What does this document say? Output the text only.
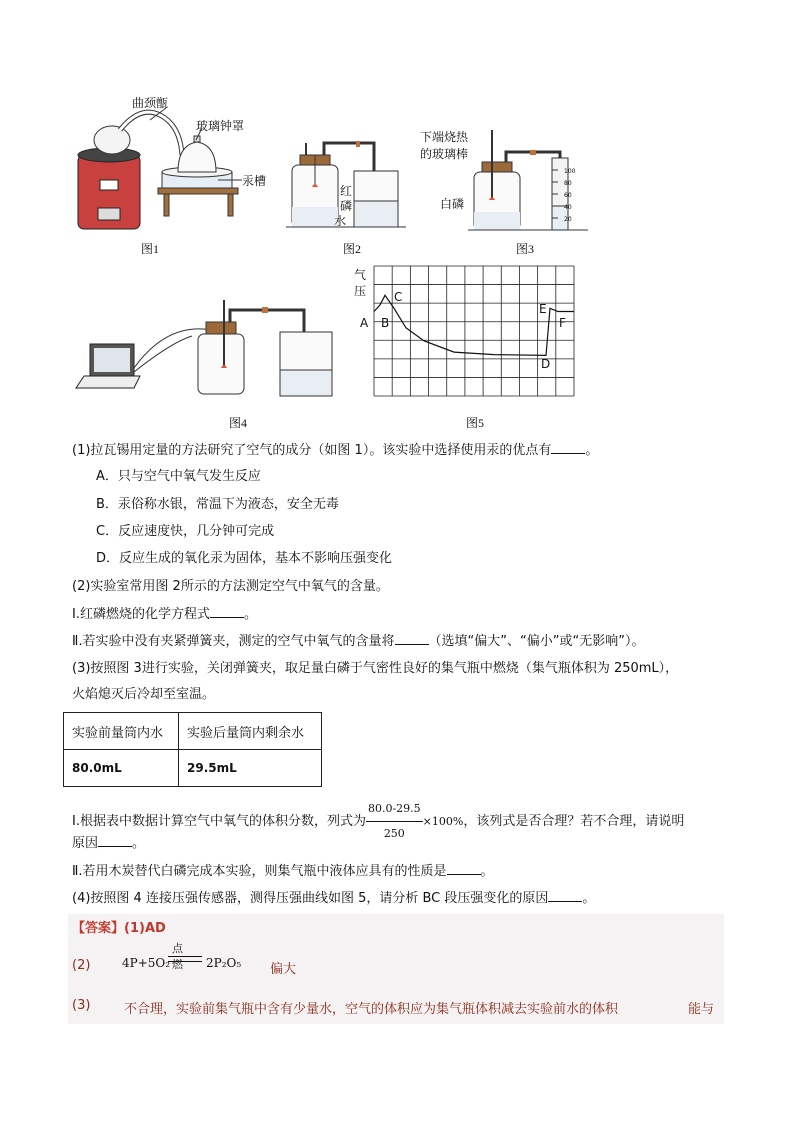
曲颈甑
玻璃钟罩
汞槽
图1
红
磷
水
图2
下端烧热
的玻璃棒
白磷
100
80
60
40
20
图3
图4
气
压
A B
C
D
E
F
图5
(1)拉瓦锡用定量的方法研究了空气的成分（如图 1）。该实验中选择使用汞的优点有	。
A．只与空气中氧气发生反应
B．汞俗称水银，常温下为液态，安全无毒
C．反应速度快，几分钟可完成
D．反应生成的氧化汞为固体，基本不影响压强变化
(2)实验室常用图 2所示的方法测定空气中氧气的含量。
Ⅰ.红磷燃烧的化学方程式	。
Ⅱ.若实验中没有夹紧弹簧夹，测定的空气中氧气的含量将	（选填“偏大”、“偏小”或“无影响”）。
(3)按照图 3进行实验，关闭弹簧夹，取足量白磷于气密性良好的集气瓶中燃烧（集气瓶体积为 250mL），
火焰熄灭后冷却至室温。
实验前量筒内水	实验后量筒内剩余水
80.0mL	29.5mL
Ⅰ.根据表中数据计算空气中氧气的体积分数，列式为 $\frac{80.0-29.5}{250} \times 100\%$，该列式是否合理？若不合理，请说明
原因	。
Ⅱ.若用木炭替代白磷完成本实验，则集气瓶中液体应具有的性质是	。
(4)按照图 4 连接压强传感器，测得压强曲线如图 5，请分析 BC 段压强变化的原因	。
【答案】(1)AD
(2)	4P+5O₂
点燃 2P₂O₅ 偏大
(3)	不合理，实验前集气瓶中含有少量水，空气的体积应为集气瓶体积减去实验前水的体积	能与
